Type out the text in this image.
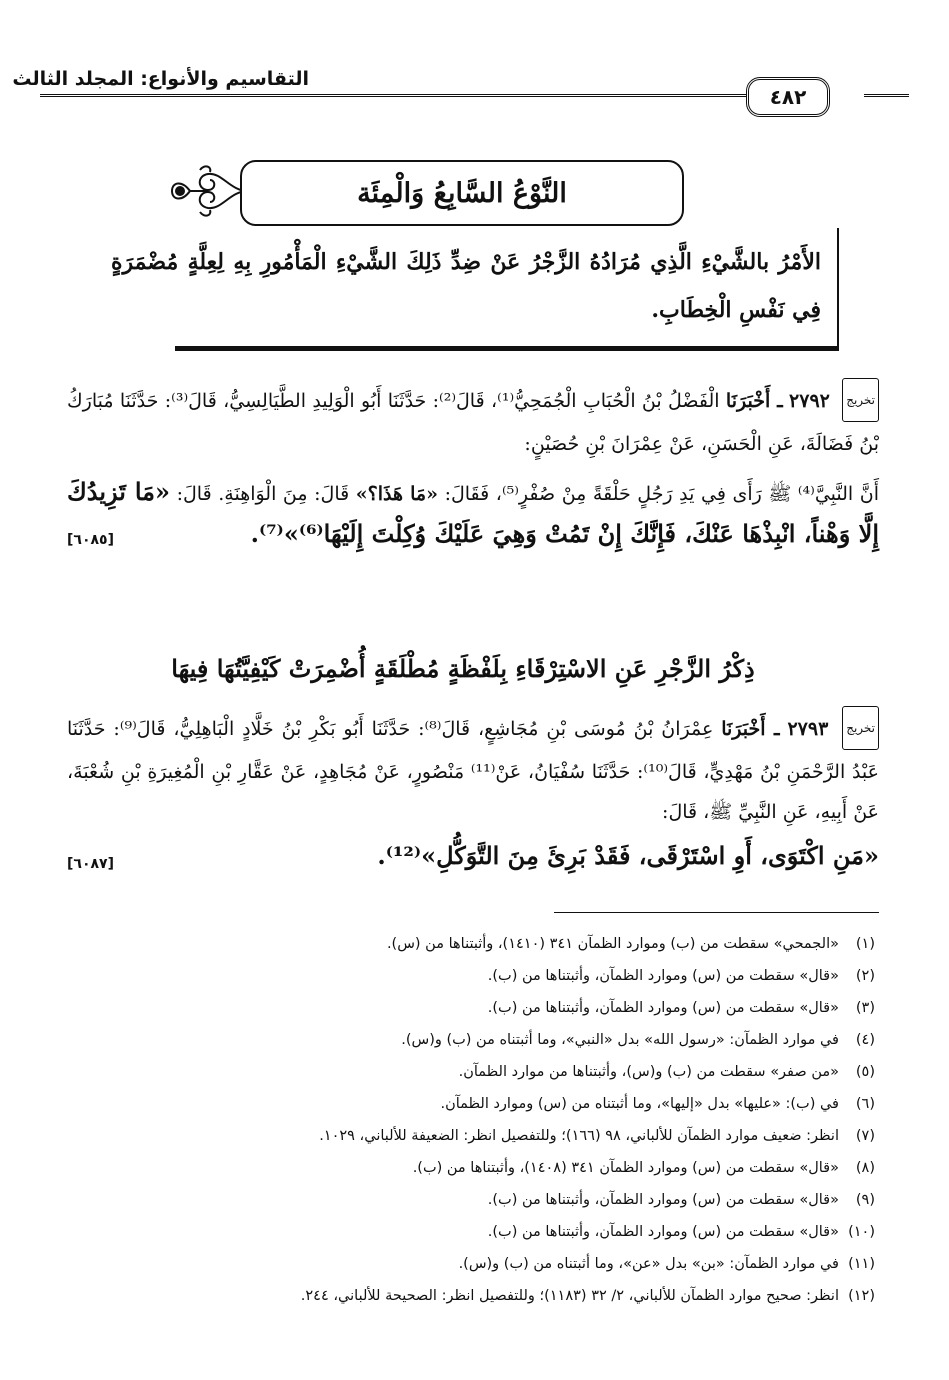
التقاسيم والأنواع: المجلد الثالث
٤٨٢
النَّوْعُ السَّابِعُ وَالْمِئَة
الأَمْرُ بالشَّيْءِ الَّذِي مُرَادُهُ الزَّجْرُ عَنْ ضِدِّ ذَلِكَ الشَّيْءِ الْمَأْمُورِ بِهِ لِعِلَّةٍ مُضْمَرَةٍ فِي نَفْسِ الْخِطَابِ.

تخريج ٢٧٩٢ ـ أَخْبَرَنَا الْفَضْلُ بْنُ الْحُبَابِ الْجُمَحِيُّ⁽¹⁾، قَالَ⁽²⁾: حَدَّثَنَا أَبُو الْوَلِيدِ الطَّيَالِسِيُّ، قَالَ⁽³⁾: حَدَّثَنَا مُبَارَكُ بْنُ فَضَالَةَ، عَنِ الْحَسَنِ، عَنْ عِمْرَانَ بْنِ حُصَيْنٍ:

أَنَّ النَّبِيَّ⁽⁴⁾ ﷺ رَأَى فِي يَدِ رَجُلٍ حَلْقَةً مِنْ صُفْرٍ⁽⁵⁾، فَقَالَ: «مَا هَذَا؟» قَالَ: مِنَ الْوَاهِنَةِ. قَالَ: «مَا تَزِيدُكَ إِلَّا وَهْناً، انْبِذْهَا عَنْكَ، فَإِنَّكَ إِنْ تَمُتْ وَهِيَ عَلَيْكَ وُكِلْتَ إِلَيْهَا⁽⁶⁾»⁽⁷⁾.
[٦٠٨٥]

ذِكْرُ الزَّجْرِ عَنِ الاسْتِرْقَاءِ بِلَفْظَةٍ مُطْلَقَةٍ أُضْمِرَتْ كَيْفِيَّتُهَا فِيهَا

تخريج ٢٧٩٣ ـ أَخْبَرَنَا عِمْرَانُ بْنُ مُوسَى بْنِ مُجَاشِعٍ، قَالَ⁽⁸⁾: حَدَّثَنَا أَبُو بَكْرِ بْنُ خَلَّادٍ الْبَاهِلِيُّ، قَالَ⁽⁹⁾: حَدَّثَنَا عَبْدُ الرَّحْمَنِ بْنُ مَهْدِيٍّ، قَالَ⁽¹⁰⁾: حَدَّثَنَا سُفْيَانُ، عَنْ⁽¹¹⁾ مَنْصُورٍ، عَنْ مُجَاهِدٍ، عَنْ عَقَّارِ بْنِ الْمُغِيرَةِ بْنِ شُعْبَةَ، عَنْ أَبِيهِ، عَنِ النَّبِيِّ ﷺ، قَالَ:

«مَنِ اكْتَوَى، أَوِ اسْتَرْقَى، فَقَدْ بَرِئَ مِنَ التَّوَكُّلِ»⁽¹²⁾.
[٦٠٨٧]

(١)«الجمحي» سقطت من (ب) وموارد الظمآن ٣٤١ (١٤١٠)، وأثبتناها من (س).
(٢)«قال» سقطت من (س) وموارد الظمآن، وأثبتناها من (ب).
(٣)«قال» سقطت من (س) وموارد الظمآن، وأثبتناها من (ب).
(٤)في موارد الظمآن: «رسول الله» بدل «النبي»، وما أثبتناه من (ب) و(س).
(٥)«من صفر» سقطت من (ب) و(س)، وأثبتناها من موارد الظمآن.
(٦)في (ب): «عليها» بدل «إليها»، وما أثبتناه من (س) وموارد الظمآن.
(٧)انظر: ضعيف موارد الظمآن للألباني، ٩٨ (١٦٦)؛ وللتفصيل انظر: الضعيفة للألباني، ١٠٢٩.
(٨)«قال» سقطت من (س) وموارد الظمآن ٣٤١ (١٤٠٨)، وأثبتناها من (ب).
(٩)«قال» سقطت من (س) وموارد الظمآن، وأثبتناها من (ب).
(١٠)«قال» سقطت من (س) وموارد الظمآن، وأثبتناها من (ب).
(١١)في موارد الظمآن: «بن» بدل «عن»، وما أثبتناه من (ب) و(س).
(١٢)انظر: صحيح موارد الظمآن للألباني، ٢/ ٣٢ (١١٨٣)؛ وللتفصيل انظر: الصحيحة للألباني، ٢٤٤.
